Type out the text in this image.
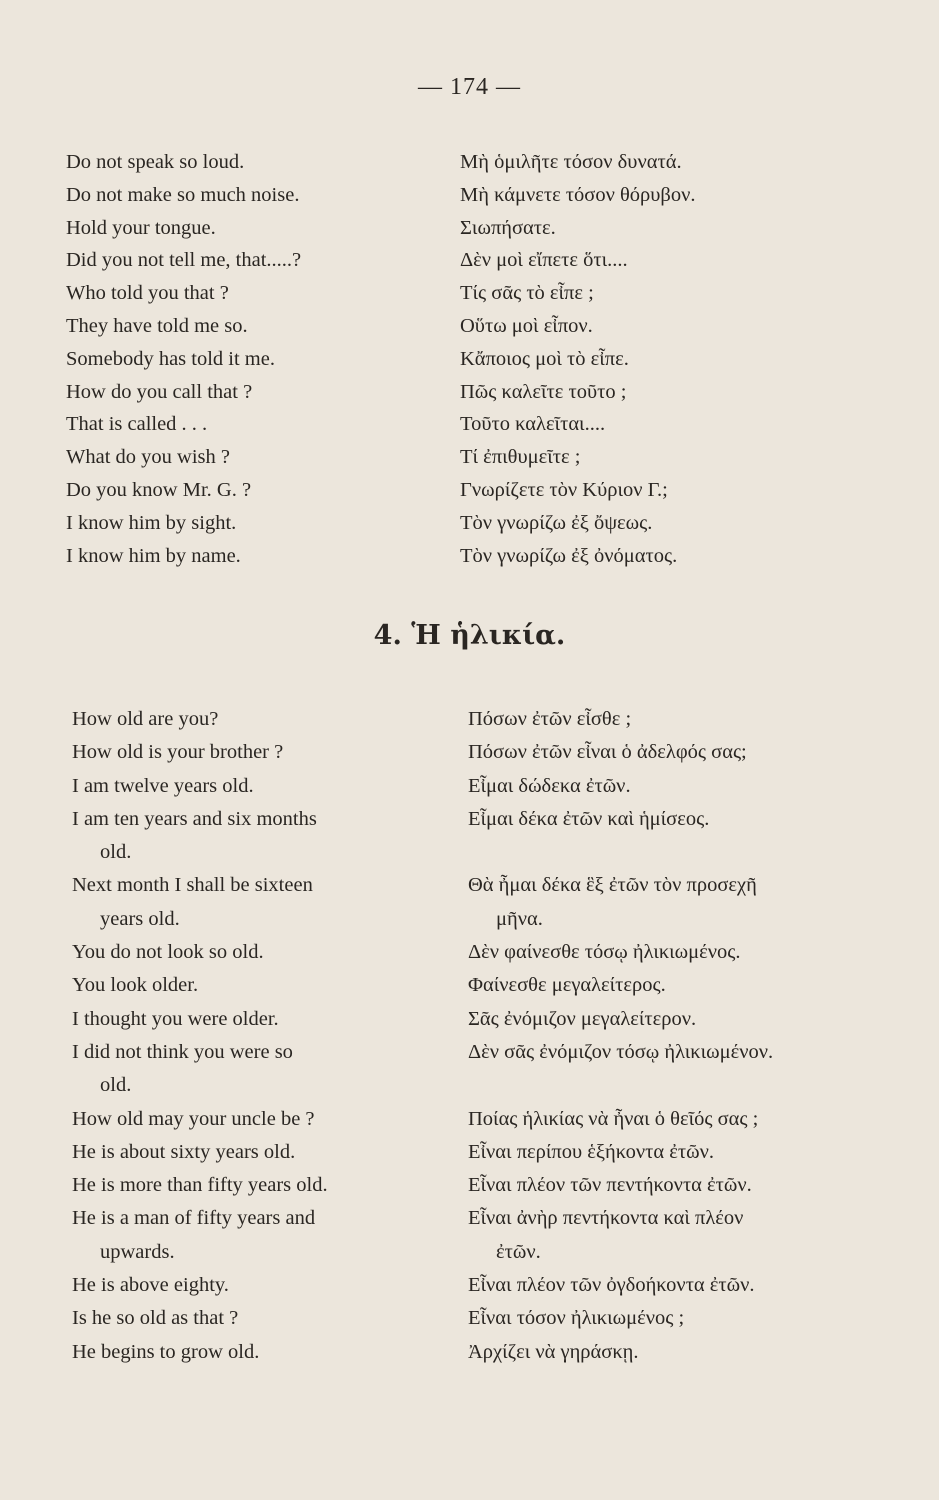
— 174 —
Do not speak so loud.	Μὴ ὁμιλῆτε τόσον δυνατά.
Do not make so much noise.	Μὴ κάμνετε τόσον θόρυβον.
Hold your tongue.	Σιωπήσατε.
Did you not tell me, that.....?	Δὲν μοὶ εἴπετε ὅτι....
Who told you that ?	Τίς σᾶς τὸ εἶπε ;
They have told me so.	Οὕτω μοὶ εἶπον.
Somebody has told it me.	Κἄποιος μοὶ τὸ εἶπε.
How do you call that ?	Πῶς καλεῖτε τοῦτο ;
That is called . . .	Τοῦτο καλεῖται....
What do you wish ?	Τί ἐπιθυμεῖτε ;
Do you know Mr. G. ?	Γνωρίζετε τὸν Κύριον Γ.;
I know him by sight.	Τὸν γνωρίζω ἐξ ὄψεως.
I know him by name.	Τὸν γνωρίζω ἐξ ὀνόματος.
4. Ἡ ἡλικία.
How old are you?	Πόσων ἐτῶν εἶσθε ;
How old is your brother ?	Πόσων ἐτῶν εἶναι ὁ ἀδελφός σας;
I am twelve years old.	Εἶμαι δώδεκα ἐτῶν.
I am ten years and six months	Εἶμαι δέκα ἐτῶν καὶ ἡμίσεος.
old.
Next month I shall be sixteen	Θὰ ἦμαι δέκα ἓξ ἐτῶν τὸν προσεχῆ
years old.	μῆνα.
You do not look so old.	Δὲν φαίνεσθε τόσῳ ἠλικιωμένος.
You look older.	Φαίνεσθε μεγαλείτερος.
I thought you were older.	Σᾶς ἐνόμιζον μεγαλείτερον.
I did not think you were so	Δὲν σᾶς ἐνόμιζον τόσῳ ἠλικιωμένον.
old.
How old may your uncle be ?	Ποίας ἡλικίας νὰ ἦναι ὁ θεῖός σας ;
He is about sixty years old.	Εἶναι περίπου ἑξήκοντα ἐτῶν.
He is more than fifty years old.	Εἶναι πλέον τῶν πεντήκοντα ἐτῶν.
He is a man of fifty years and	Εἶναι ἀνὴρ πεντήκοντα καὶ πλέον
upwards.	ἐτῶν.
He is above eighty.	Εἶναι πλέον τῶν ὀγδοήκοντα ἐτῶν.
Is he so old as that ?	Εἶναι τόσον ἠλικιωμένος ;
He begins to grow old.	Ἀρχίζει νὰ γηράσκῃ.
